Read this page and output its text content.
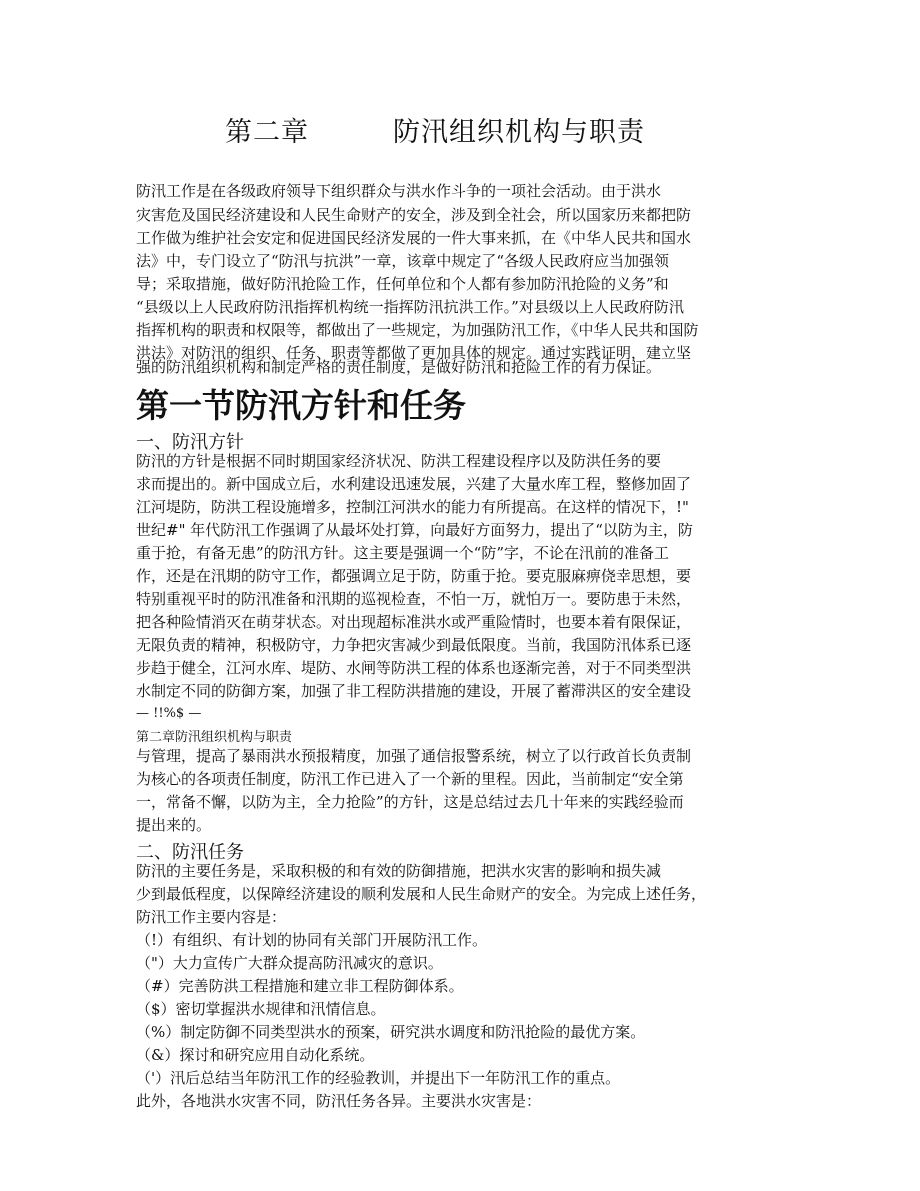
第二章　　　防汛组织机构与职责
防汛工作是在各级政府领导下组织群众与洪水作斗争的一项社会活动。由于洪水
灾害危及国民经济建设和人民生命财产的安全，涉及到全社会，所以国家历来都把防
工作做为维护社会安定和促进国民经济发展的一件大事来抓，在《中华人民共和国水
法》中，专门设立了“防汛与抗洪”一章，该章中规定了“各级人民政府应当加强领
导；采取措施，做好防汛抢险工作，任何单位和个人都有参加防汛抢险的义务”和
“县级以上人民政府防汛指挥机构统一指挥防汛抗洪工作。”对县级以上人民政府防汛
指挥机构的职责和权限等，都做出了一些规定，为加强防汛工作，《中华人民共和国防
洪法》对防汛的组织、任务、职责等都做了更加具体的规定。通过实践证明，建立坚
强的防汛组织机构和制定严格的责任制度，是做好防汛和抢险工作的有力保证。
第一节防汛方针和任务
一、防汛方针
防汛的方针是根据不同时期国家经济状况、防洪工程建设程序以及防洪任务的要
求而提出的。新中国成立后，水利建设迅速发展，兴建了大量水库工程，整修加固了
江河堤防，防洪工程设施增多，控制江河洪水的能力有所提高。在这样的情况下，!"
世纪#" 年代防汛工作强调了从最坏处打算，向最好方面努力，提出了“以防为主，防
重于抢，有备无患”的防汛方针。这主要是强调一个“防”字，不论在汛前的准备工
作，还是在汛期的防守工作，都强调立足于防，防重于抢。要克服麻痹侥幸思想，要
特别重视平时的防汛准备和汛期的巡视检查，不怕一万，就怕万一。要防患于未然，
把各种险情消灭在萌芽状态。对出现超标准洪水或严重险情时，也要本着有限保证，
无限负责的精神，积极防守，力争把灾害减少到最低限度。当前，我国防汛体系已逐
步趋于健全，江河水库、堤防、水闸等防洪工程的体系也逐渐完善，对于不同类型洪
水制定不同的防御方案，加强了非工程防洪措施的建设，开展了蓄滞洪区的安全建设
— !!%$ —
第二章防汛组织机构与职责
与管理，提高了暴雨洪水预报精度，加强了通信报警系统，树立了以行政首长负责制
为核心的各项责任制度，防汛工作已进入了一个新的里程。因此，当前制定“安全第
一，常备不懈，以防为主，全力抢险”的方针，这是总结过去几十年来的实践经验而
提出来的。
二、防汛任务
防汛的主要任务是，采取积极的和有效的防御措施，把洪水灾害的影响和损失减
少到最低程度，以保障经济建设的顺利发展和人民生命财产的安全。为完成上述任务，
防汛工作主要内容是：
（!）有组织、有计划的协同有关部门开展防汛工作。
（"）大力宣传广大群众提高防汛减灾的意识。
（#）完善防洪工程措施和建立非工程防御体系。
（$）密切掌握洪水规律和汛情信息。
（%）制定防御不同类型洪水的预案，研究洪水调度和防汛抢险的最优方案。
（&）探讨和研究应用自动化系统。
（'）汛后总结当年防汛工作的经验教训，并提出下一年防汛工作的重点。
此外，各地洪水灾害不同，防汛任务各异。主要洪水灾害是：
